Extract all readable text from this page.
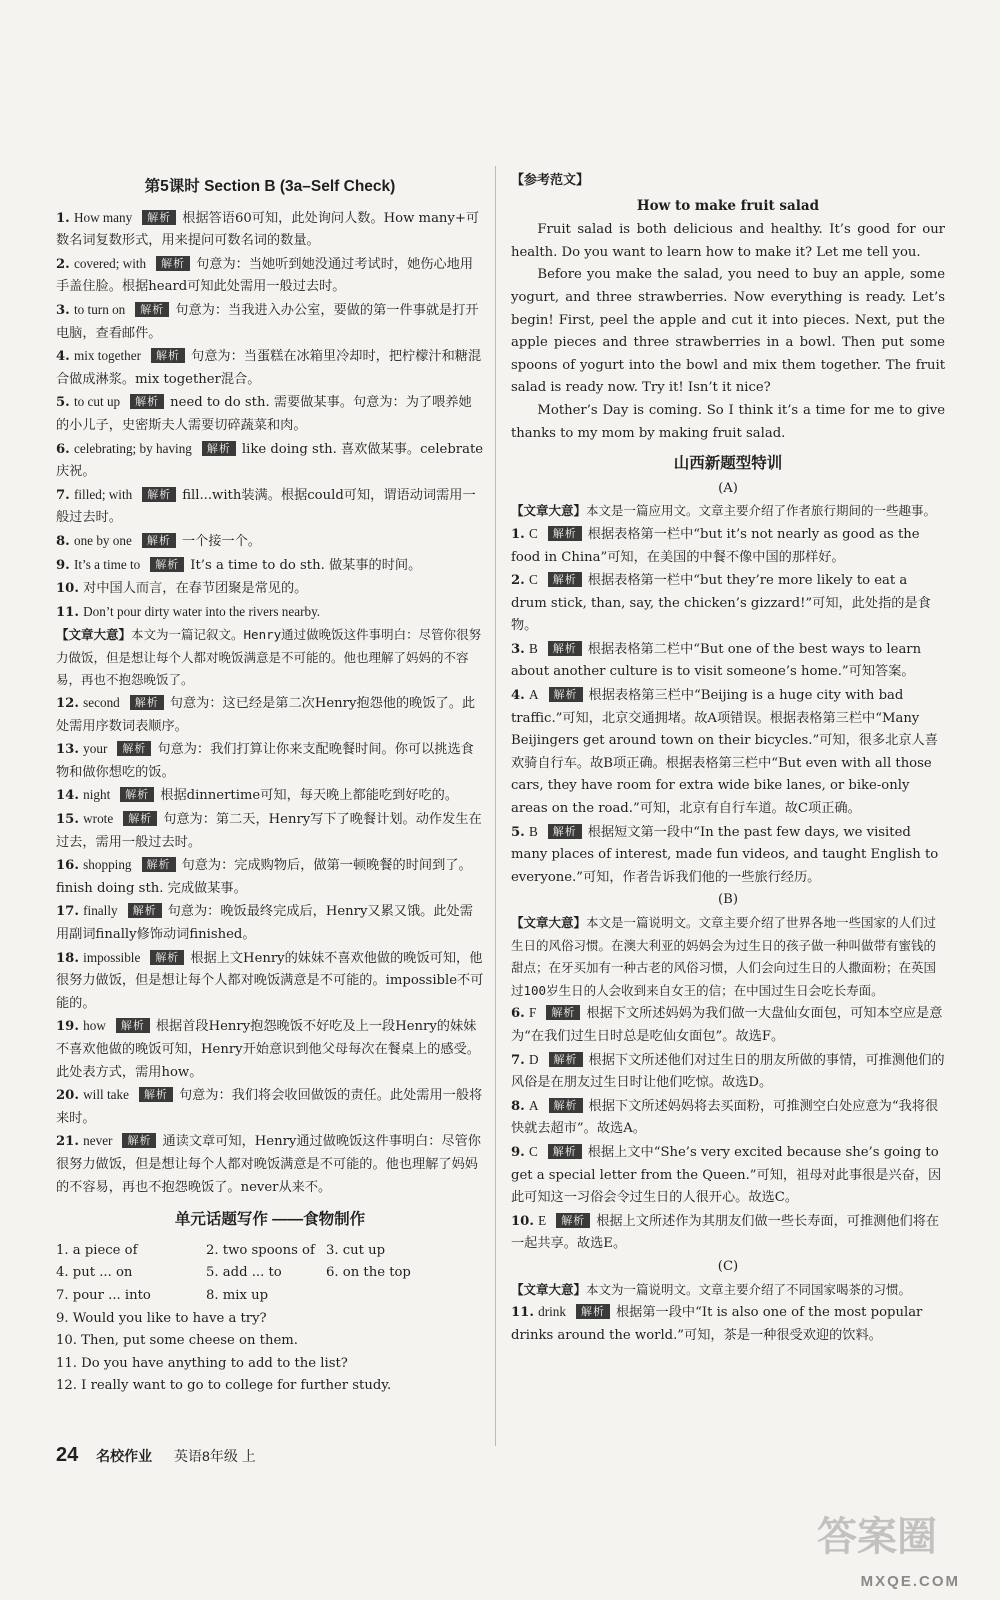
第5课时 Section B (3a–Self Check)

1. How many 解析 根据答语60可知，此处询问人数。How many+可数名词复数形式，用来提问可数名词的数量。

2. covered; with 解析 句意为：当她听到她没通过考试时，她伤心地用手盖住脸。根据heard可知此处需用一般过去时。

3. to turn on 解析 句意为：当我进入办公室，要做的第一件事就是打开电脑，查看邮件。

4. mix together 解析 句意为：当蛋糕在冰箱里冷却时，把柠檬汁和糖混合做成淋浆。mix together混合。

5. to cut up 解析 need to do sth. 需要做某事。句意为：为了喂养她的小儿子，史密斯夫人需要切碎蔬菜和肉。

6. celebrating; by having 解析 like doing sth. 喜欢做某事。celebrate庆祝。

7. filled; with 解析 fill...with装满。根据could可知，谓语动词需用一般过去时。

8. one by one 解析 一个接一个。

9. It’s a time to 解析 It’s a time to do sth. 做某事的时间。

10. 对中国人而言，在春节团聚是常见的。

11. Don’t pour dirty water into the rivers nearby.

【文章大意】本文为一篇记叙文。Henry通过做晚饭这件事明白：尽管你很努力做饭，但是想让每个人都对晚饭满意是不可能的。他也理解了妈妈的不容易，再也不抱怨晚饭了。

12. second 解析 句意为：这已经是第二次Henry抱怨他的晚饭了。此处需用序数词表顺序。

13. your 解析 句意为：我们打算让你来支配晚餐时间。你可以挑选食物和做你想吃的饭。

14. night 解析 根据dinnertime可知，每天晚上都能吃到好吃的。

15. wrote 解析 句意为：第二天，Henry写下了晚餐计划。动作发生在过去，需用一般过去时。

16. shopping 解析 句意为：完成购物后，做第一顿晚餐的时间到了。finish doing sth. 完成做某事。

17. finally 解析 句意为：晚饭最终完成后，Henry又累又饿。此处需用副词finally修饰动词finished。

18. impossible 解析 根据上文Henry的妹妹不喜欢他做的晚饭可知，他很努力做饭，但是想让每个人都对晚饭满意是不可能的。impossible不可能的。

19. how 解析 根据首段Henry抱怨晚饭不好吃及上一段Henry的妹妹不喜欢他做的晚饭可知，Henry开始意识到他父母每次在餐桌上的感受。此处表方式，需用how。

20. will take 解析 句意为：我们将会收回做饭的责任。此处需用一般将来时。

21. never 解析 通读文章可知，Henry通过做晚饭这件事明白：尽管你很努力做饭，但是想让每个人都对晚饭满意是不可能的。他也理解了妈妈的不容易，再也不抱怨晚饭了。never从来不。

单元话题写作 ——食物制作

1. a piece of	2. two spoons of 3. cut up
4. put ... on	5. add ... to	6. on the top
7. pour ... into	8. mix up

9. Would you like to have a try?

10. Then, put some cheese on them.

11. Do you have anything to add to the list?

12. I really want to go to college for further study.

【参考范文】

How to make fruit salad

Fruit salad is both delicious and healthy. It’s good for our health. Do you want to learn how to make it? Let me tell you.

Before you make the salad, you need to buy an apple, some yogurt, and three strawberries. Now everything is ready. Let’s begin! First, peel the apple and cut it into pieces. Next, put the apple pieces and three strawberries in a bowl. Then put some spoons of yogurt into the bowl and mix them together. The fruit salad is ready now. Try it! Isn’t it nice?

Mother’s Day is coming. So I think it’s a time for me to give thanks to my mom by making fruit salad.

山西新题型特训

(A)

【文章大意】本文是一篇应用文。文章主要介绍了作者旅行期间的一些趣事。

1. C 解析 根据表格第一栏中“but it’s not nearly as good as the food in China”可知，在美国的中餐不像中国的那样好。

2. C 解析 根据表格第一栏中“but they’re more likely to eat a drum stick, than, say, the chicken’s gizzard!”可知，此处指的是食物。

3. B 解析 根据表格第二栏中“But one of the best ways to learn about another culture is to visit someone’s home.”可知答案。

4. A 解析 根据表格第三栏中“Beijing is a huge city with bad traffic.”可知，北京交通拥堵。故A项错误。根据表格第三栏中“Many Beijingers get around town on their bicycles.”可知，很多北京人喜欢骑自行车。故B项正确。根据表格第三栏中“But even with all those cars, they have room for extra wide bike lanes, or bike-only areas on the road.”可知，北京有自行车道。故C项正确。

5. B 解析 根据短文第一段中“In the past few days, we visited many places of interest, made fun videos, and taught English to everyone.”可知，作者告诉我们他的一些旅行经历。

(B)

【文章大意】本文是一篇说明文。文章主要介绍了世界各地一些国家的人们过生日的风俗习惯。在澳大利亚的妈妈会为过生日的孩子做一种叫做带有蜜钱的甜点；在牙买加有一种古老的风俗习惯，人们会向过生日的人撒面粉；在英国过100岁生日的人会收到来自女王的信；在中国过生日会吃长寿面。

6. F 解析 根据下文所述妈妈为我们做一大盘仙女面包，可知本空应是意为“在我们过生日时总是吃仙女面包”。故选F。

7. D 解析 根据下文所述他们对过生日的朋友所做的事情，可推测他们的风俗是在朋友过生日时让他们吃惊。故选D。

8. A 解析 根据下文所述妈妈将去买面粉，可推测空白处应意为“我将很快就去超市”。故选A。

9. C 解析 根据上文中“She’s very excited because she’s going to get a special letter from the Queen.”可知，祖母对此事很是兴奋，因此可知这一习俗会令过生日的人很开心。故选C。

10. E 解析 根据上文所述作为其朋友们做一些长寿面，可推测他们将在一起共享。故选E。

(C)

【文章大意】本文为一篇说明文。文章主要介绍了不同国家喝茶的习惯。

11. drink 解析 根据第一段中“It is also one of the most popular drinks around the world.”可知，茶是一种很受欢迎的饮料。

24 名校作业 英语8年级 上
答案圈
MXQE.COM
